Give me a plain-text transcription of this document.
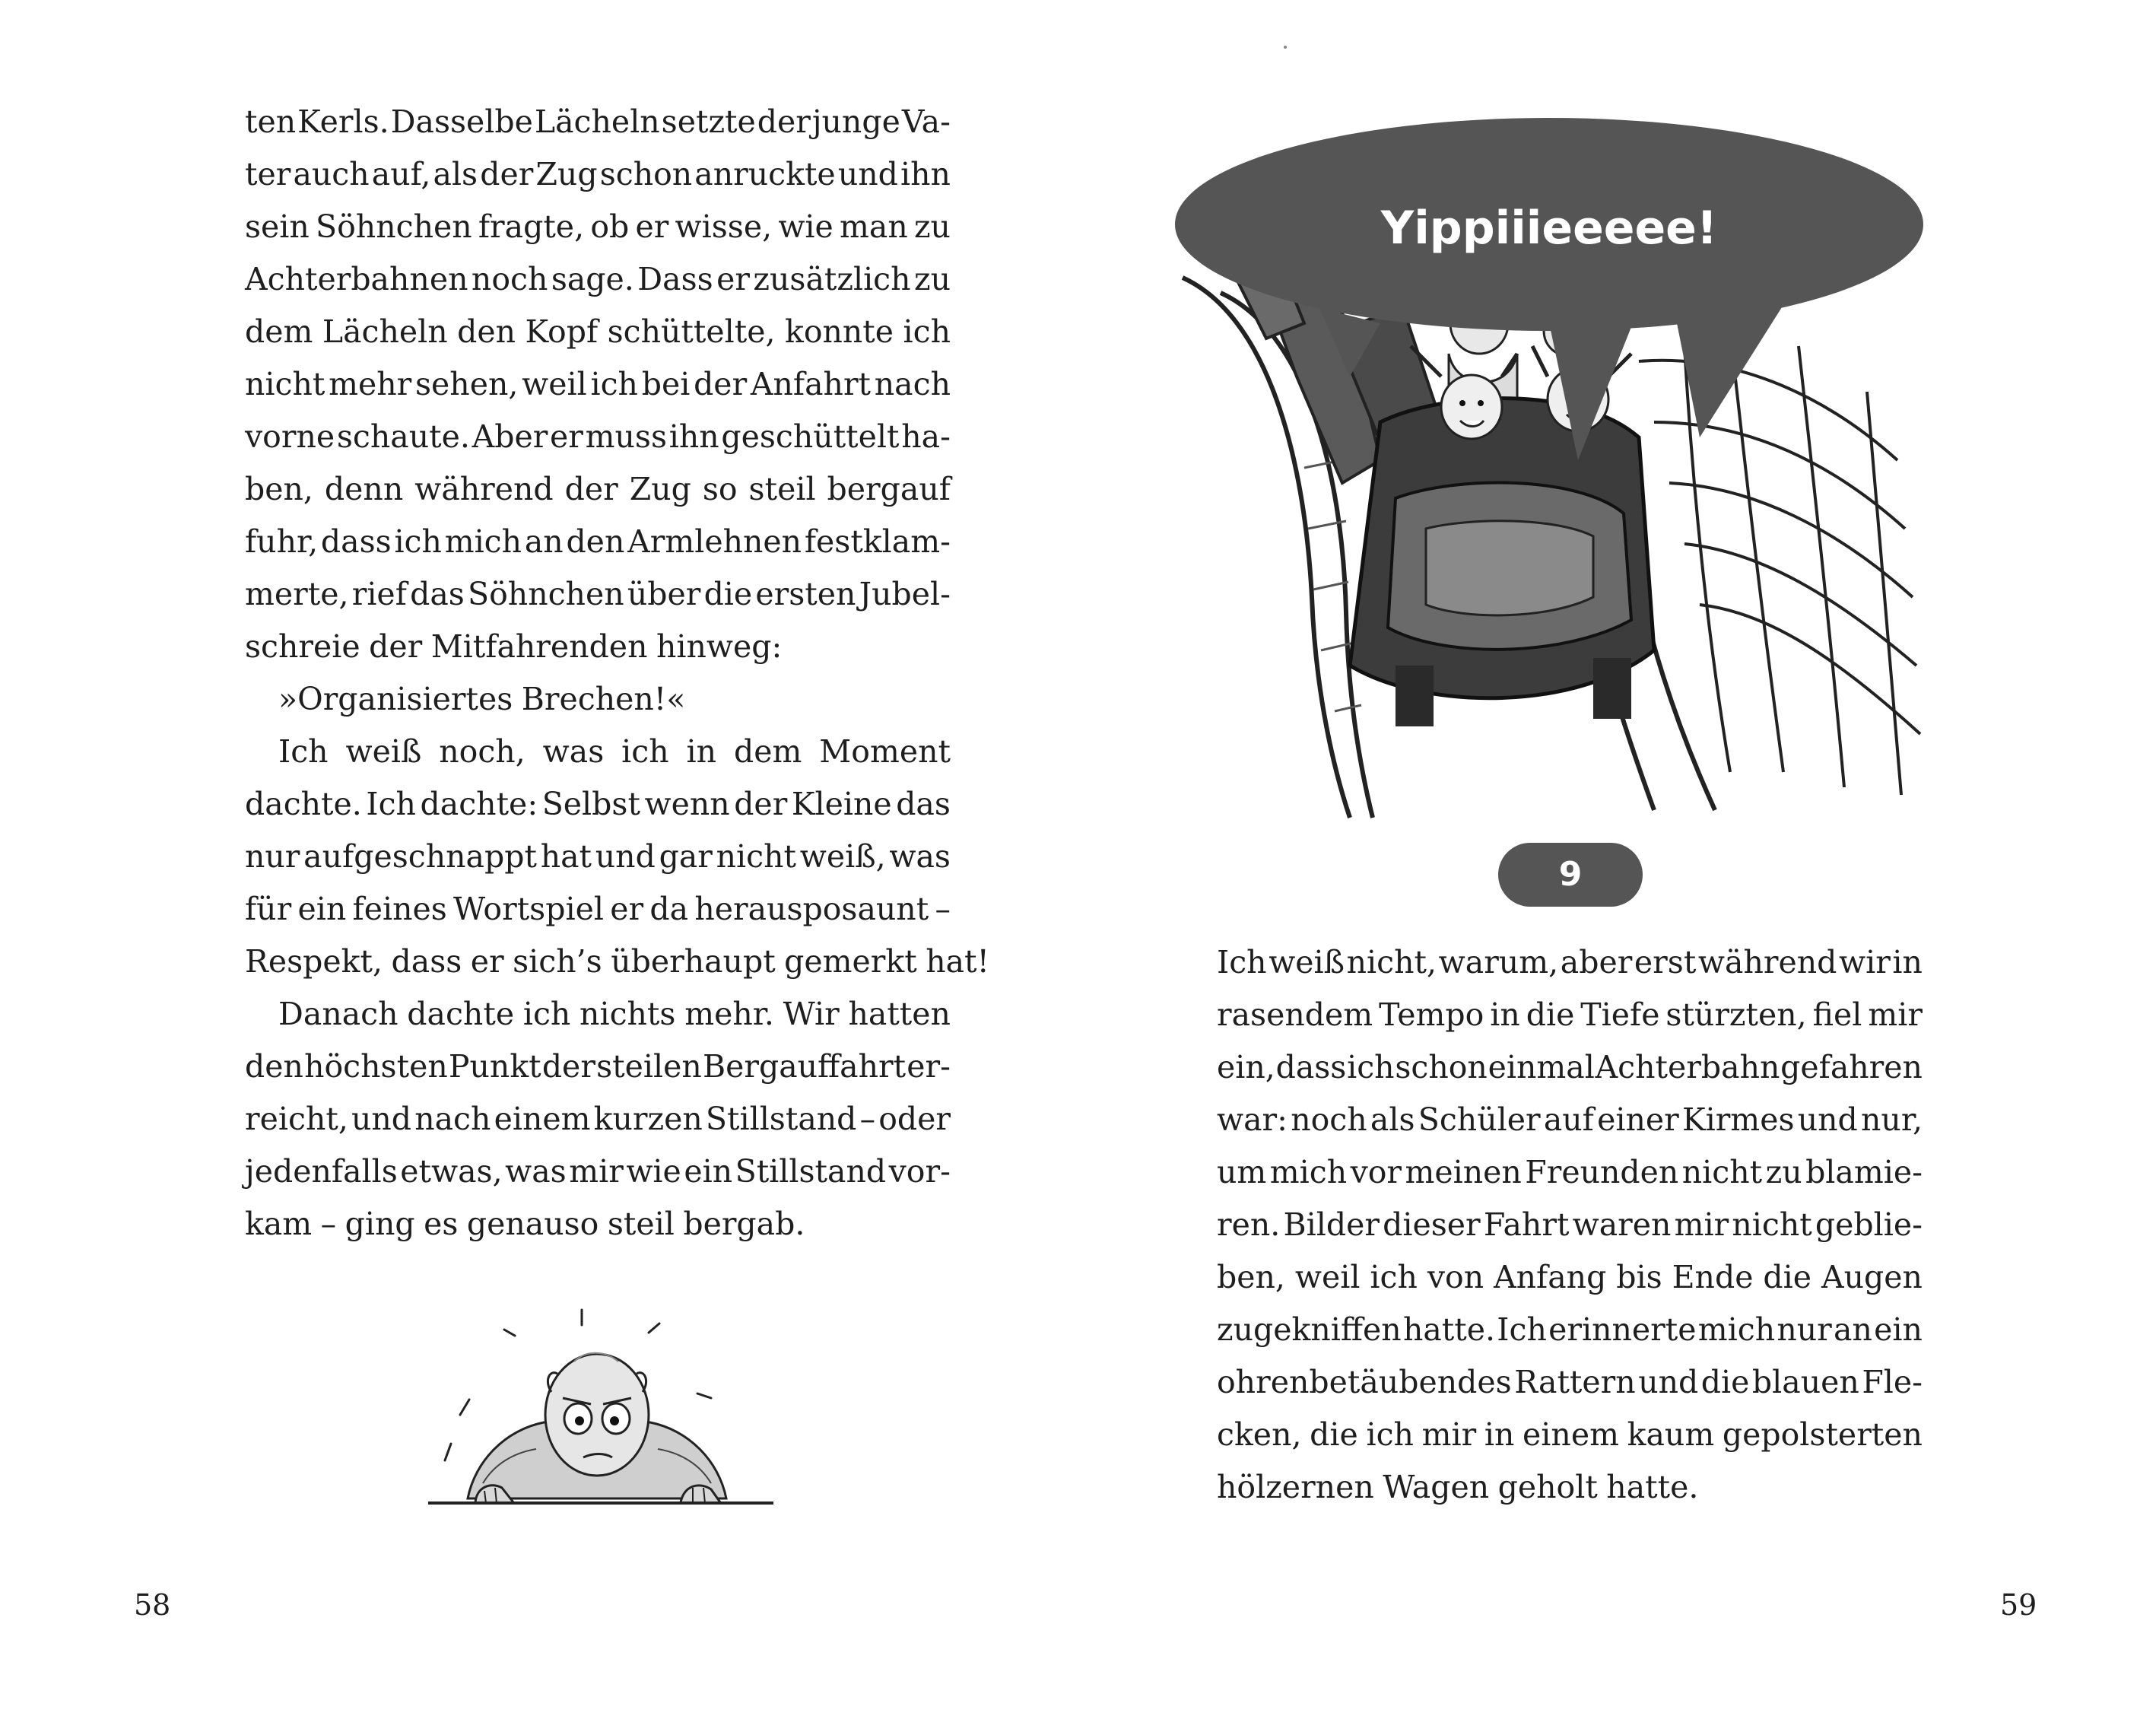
ten Kerls. Dasselbe Lächeln setzte der junge Va-
ter auch auf, als der Zug schon anruckte und ihn
sein Söhnchen fragte, ob er wisse, wie man zu
Achterbahnen noch sage. Dass er zusätzlich zu
dem Lächeln den Kopf schüttelte, konnte ich
nicht mehr sehen, weil ich bei der Anfahrt nach
vorne schaute. Aber er muss ihn geschüttelt ha-
ben, denn während der Zug so steil bergauf
fuhr, dass ich mich an den Armlehnen festklam-
merte, rief das Söhnchen über die ersten Jubel-
schreie der Mitfahrenden hinweg:
»Organisiertes Brechen!«
Ich weiß noch, was ich in dem Moment
dachte. Ich dachte: Selbst wenn der Kleine das
nur aufgeschnappt hat und gar nicht weiß, was
für ein feines Wortspiel er da herausposaunt –
Respekt, dass er sich’s überhaupt gemerkt hat!
Danach dachte ich nichts mehr. Wir hatten
den höchsten Punkt der steilen Bergauffahrt er-
reicht, und nach einem kurzen Stillstand – oder
jedenfalls etwas, was mir wie ein Stillstand vor-
kam – ging es genauso steil bergab.
58
Yippiiieeeee!
9
Ich weiß nicht, warum, aber erst während wir in
rasendem Tempo in die Tiefe stürzten, fiel mir
ein, dass ich schon einmal Achterbahn gefahren
war: noch als Schüler auf einer Kirmes und nur,
um mich vor meinen Freunden nicht zu blamie-
ren. Bilder dieser Fahrt waren mir nicht geblie-
ben, weil ich von Anfang bis Ende die Augen
zugekniffen hatte. Ich erinnerte mich nur an ein
ohrenbetäubendes Rattern und die blauen Fle-
cken, die ich mir in einem kaum gepolsterten
hölzernen Wagen geholt hatte.
59
